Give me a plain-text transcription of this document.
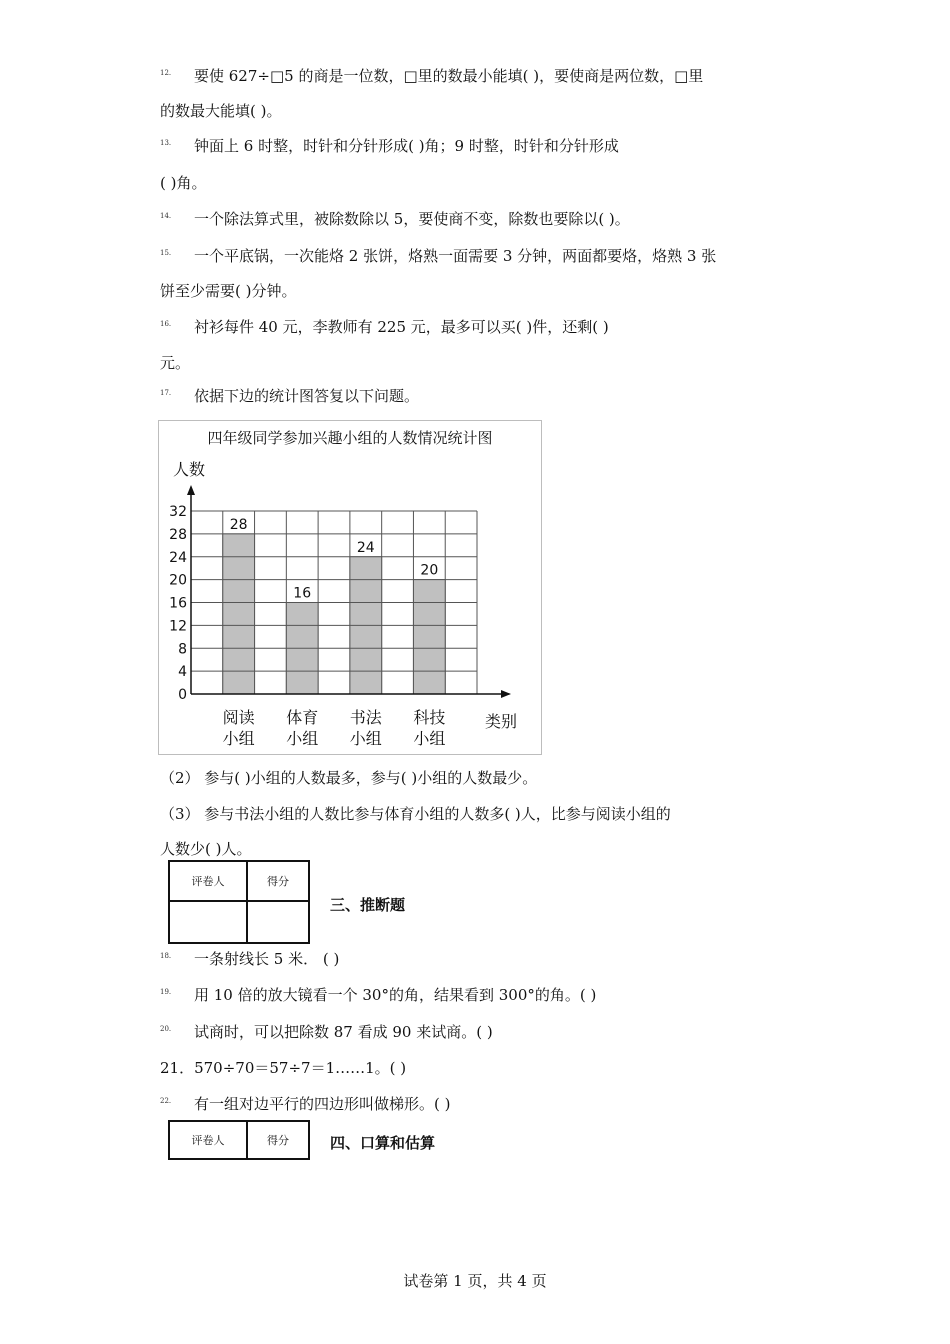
12. 要使 627÷□5 的商是一位数，□里的数最小能填( )，要使商是两位数，□里
的数最大能填( )。
13. 钟面上 6 时整，时针和分针形成( )角；9 时整，时针和分针形成
( )角。
14. 一个除法算式里，被除数除以 5，要使商不变，除数也要除以( )。
15. 一个平底锅，一次能烙 2 张饼，烙熟一面需要 3 分钟，两面都要烙，烙熟 3 张
饼至少需要( )分钟。
16. 衬衫每件 40 元，李教师有 225 元，最多可以买( )件，还剩( )
元。
17. 依据下边的统计图答复以下问题。
四年级同学参加兴趣小组的人数情况统计图
人数
28
阅读
小组
16
体育
小组
24
书法
小组
20
科技
小组
0
4
8
12
16
20
24
28
32
类别
（2） 参与( )小组的人数最多，参与( )小组的人数最少。
（3） 参与书法小组的人数比参与体育小组的人数多( )人，比参与阅读小组的
人数少( )人。
评卷人	得分

三、推断题
18. 一条射线长 5 米． ( )
19. 用 10 倍的放大镜看一个 30°的角，结果看到 300°的角。( )
20. 试商时，可以把除数 87 看成 90 来试商。( )
21．570÷70＝57÷7＝1……1。( )
22. 有一组对边平行的四边形叫做梯形。( )
评卷人	得分	四、口算和估算
试卷第 1 页，共 4 页
